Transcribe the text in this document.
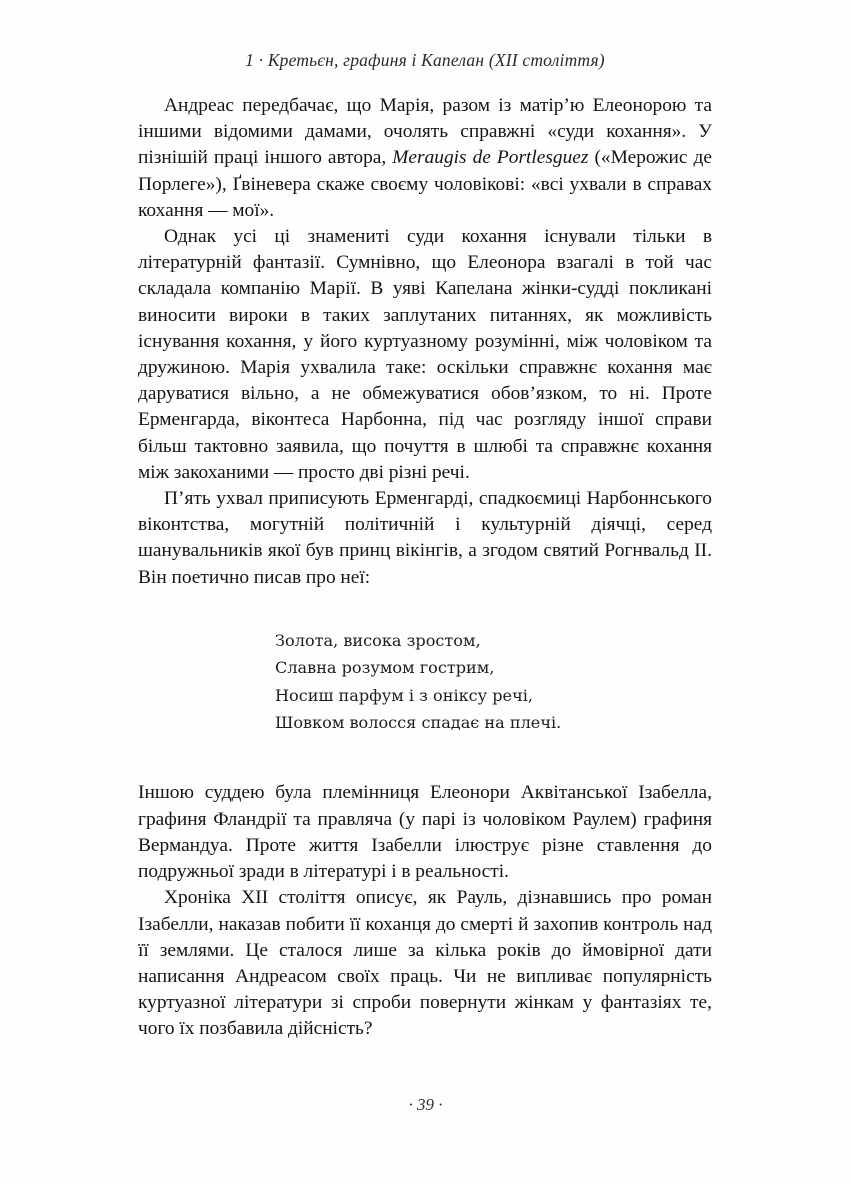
1 · Кретьєн, графиня і Капелан (XII століття)

Андреас передбачає, що Марія, разом із матір’ю Елеонорою та іншими відомими дамами, очолять справжні «суди кохання». У пізнішій праці іншого автора, Meraugis de Portlesguez («Мерожис де Порлеге»), Ґвіневера скаже своєму чоловікові: «всі ухвали в справах кохання — мої».

Однак усі ці знамениті суди кохання існували тільки в літературній фантазії. Сумнівно, що Елеонора взагалі в той час складала компанію Марії. В уяві Капелана жінки-судді покликані виносити вироки в таких заплутаних питаннях, як можливість існування кохання, у його куртуазному розумінні, між чоловіком та дружиною. Марія ухвалила таке: оскільки справжнє кохання має даруватися вільно, а не обмежуватися обов’язком, то ні. Проте Ерменгарда, віконтеса Нарбонна, під час розгляду іншої справи більш тактовно заявила, що почуття в шлюбі та справжнє кохання між закоханими — просто дві різні речі.

П’ять ухвал приписують Ерменгарді, спадкоємиці Нарбоннського віконтства, могутній політичній і культурній діячці, серед шанувальників якої був принц вікінгів, а згодом святий Рогнвальд ІІ. Він поетично писав про неї:

Золота, висока зростом,

Славна розумом гострим,

Носиш парфум і з оніксу речі,

Шовком волосся спадає на плечі.

Іншою суддею була племінниця Елеонори Аквітанської Ізабелла, графиня Фландрії та правляча (у парі із чоловіком Раулем) графиня Вермандуа. Проте життя Ізабелли ілюструє різне ставлення до подружньої зради в літературі і в реальності.

Хроніка XII століття описує, як Рауль, дізнавшись про роман Ізабелли, наказав побити її коханця до смерті й захопив контроль над її землями. Це сталося лише за кілька років до ймовірної дати написання Андреасом своїх праць. Чи не випливає популярність куртуазної літератури зі спроби повернути жінкам у фантазіях те, чого їх позбавила дійсність?

· 39 ·
